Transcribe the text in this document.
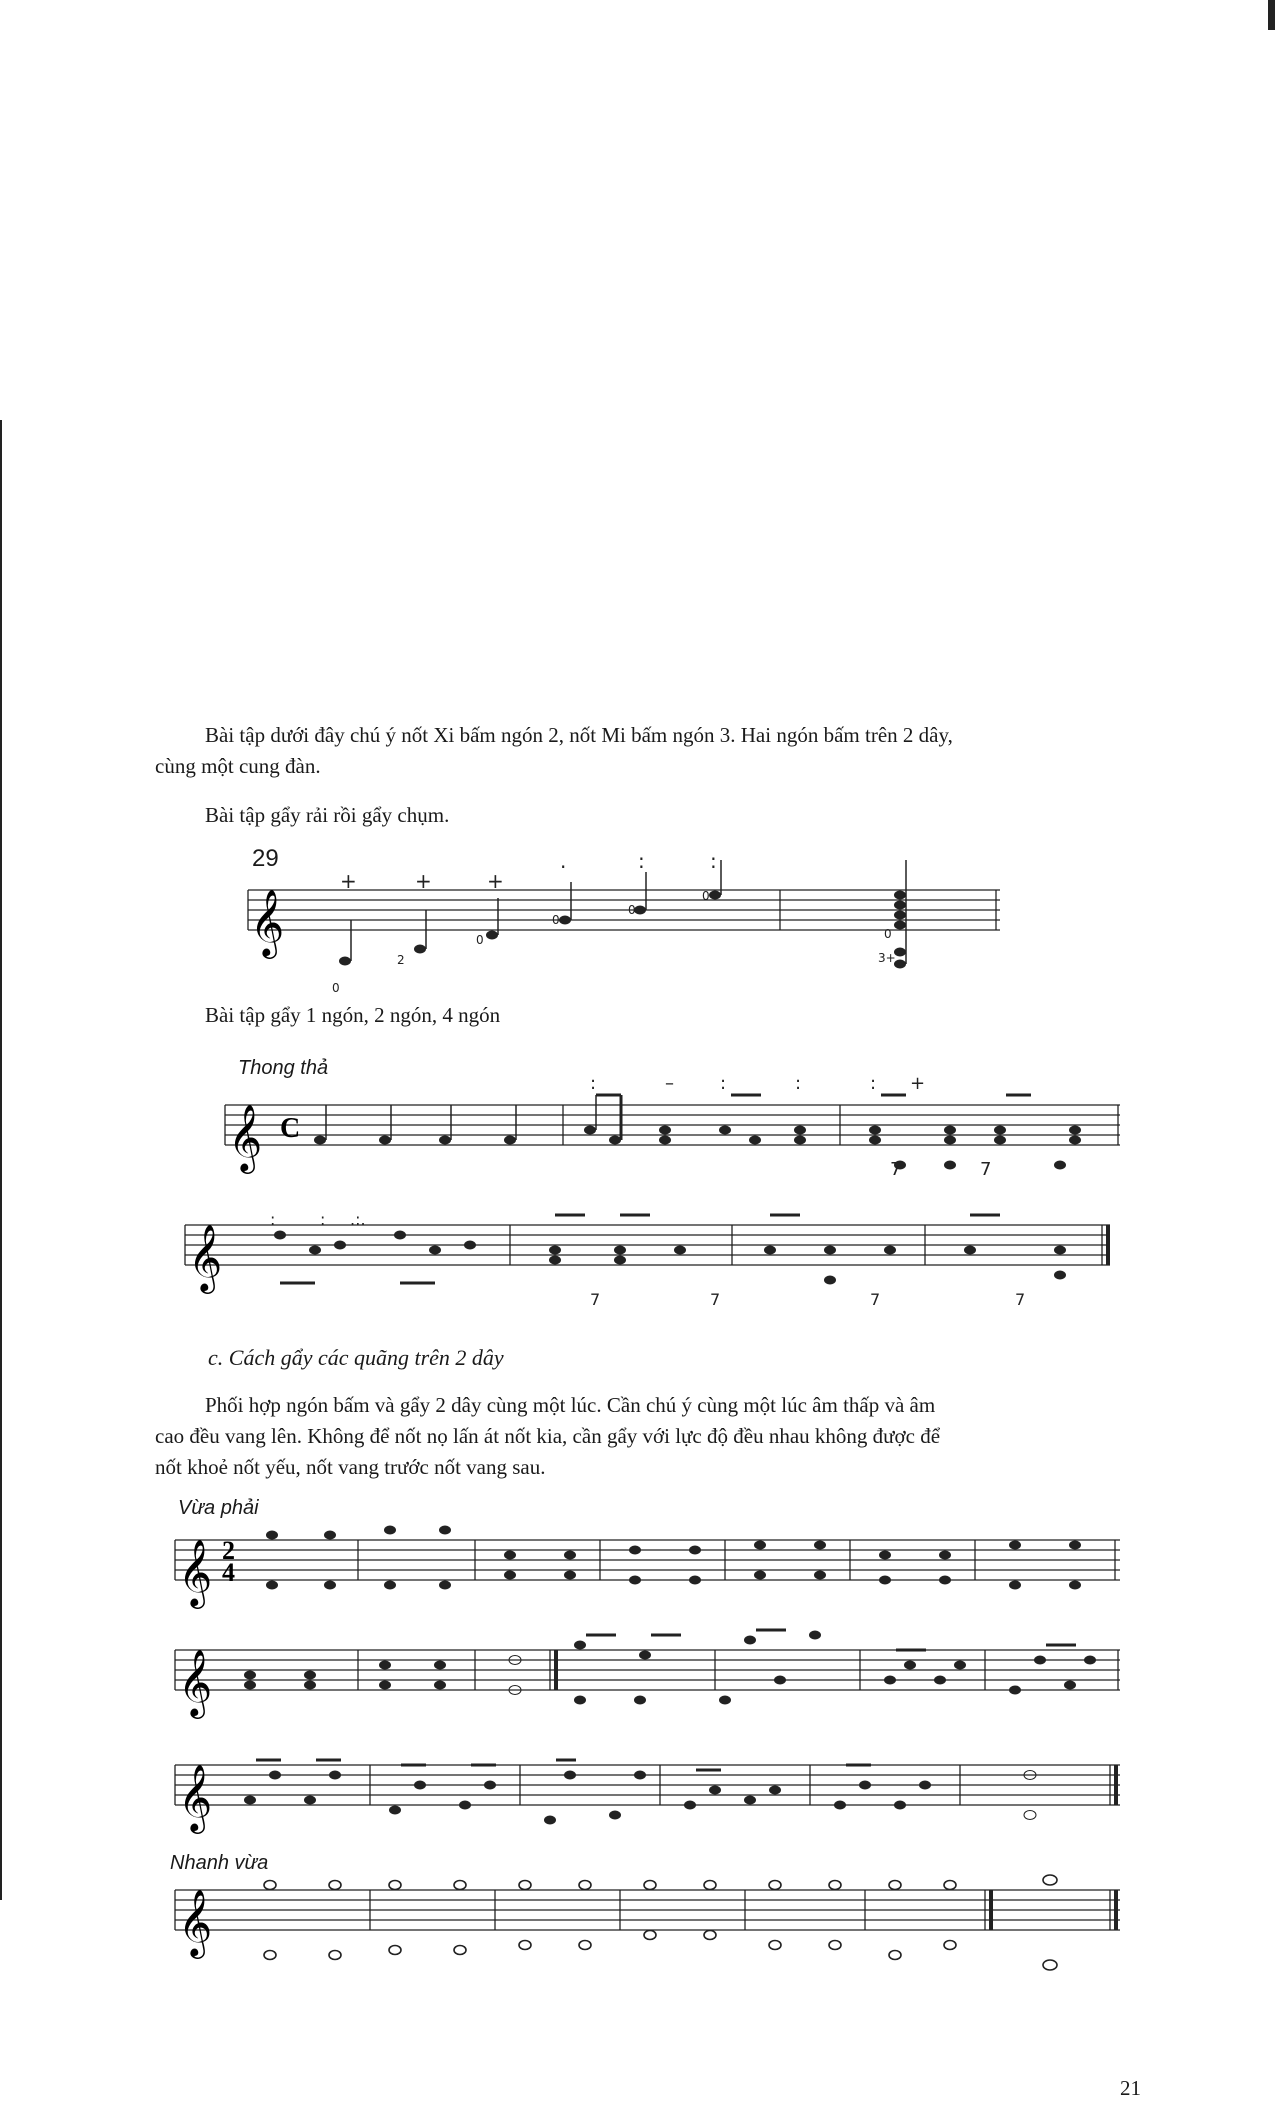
Bài tập dưới đây chú ý nốt Xi bấm ngón 2, nốt Mi bấm ngón 3. Hai ngón bấm trên 2 dây,
cùng một cung đàn.

Bài tập gẩy rải rồi gẩy chụm.

29
𝄞
+	+	+
.	:	:
0
2
0
0
0
0
0
3+

Bài tập gẩy 1 ngón, 2 ngón, 4 ngón

Thong thả
𝄞 C
:	–	:	:	: +
7	7
𝄞
:	: .:.
7	7	7	7
c. Cách gẩy các quãng trên 2 dây

Phối hợp ngón bấm và gẩy 2 dây cùng một lúc. Cần chú ý cùng một lúc âm thấp và âm
cao đều vang lên. Không để nốt nọ lấn át nốt kia, cần gẩy với lực độ đều nhau không được để
nốt khoẻ nốt yếu, nốt vang trước nốt vang sau.

Vừa phải
𝄞 2
4
𝄞
𝄞
Nhanh vừa
𝄞
21
